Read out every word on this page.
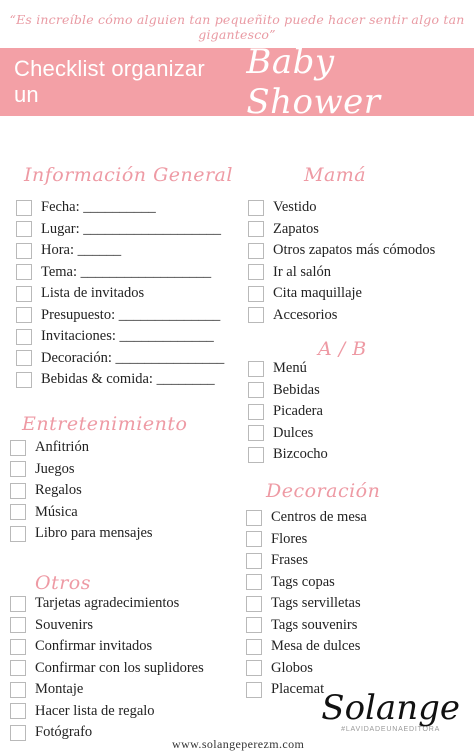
“Es increíble cómo alguien tan pequeñito puede hacer sentir algo tan gigantesco”
Checklist organizar un
Baby Shower
Información General
Fecha: __________
Lugar: ___________________
Hora: ______
Tema: __________________
Lista de invitados
Presupuesto: ______________
Invitaciones: _____________
Decoración: _______________
Bebidas & comida: ________
Entretenimiento
Anfitrión
Juegos
Regalos
Música
Libro para mensajes
Otros
Tarjetas agradecimientos
Souvenirs
Confirmar invitados
Confirmar con los suplidores
Montaje
Hacer lista de regalo
Fotógrafo
Mamá
Vestido
Zapatos
Otros zapatos más cómodos
Ir al salón
Cita maquillaje
Accesorios
A / B
Menú
Bebidas
Picadera
Dulces
Bizcocho
Decoración
Centros de mesa
Flores
Frases
Tags copas
Tags servilletas
Tags souvenirs
Mesa de dulces
Globos
Placemat
www.solangeperezm.com
Solange
#LAVIDADEUNAEDITORA
